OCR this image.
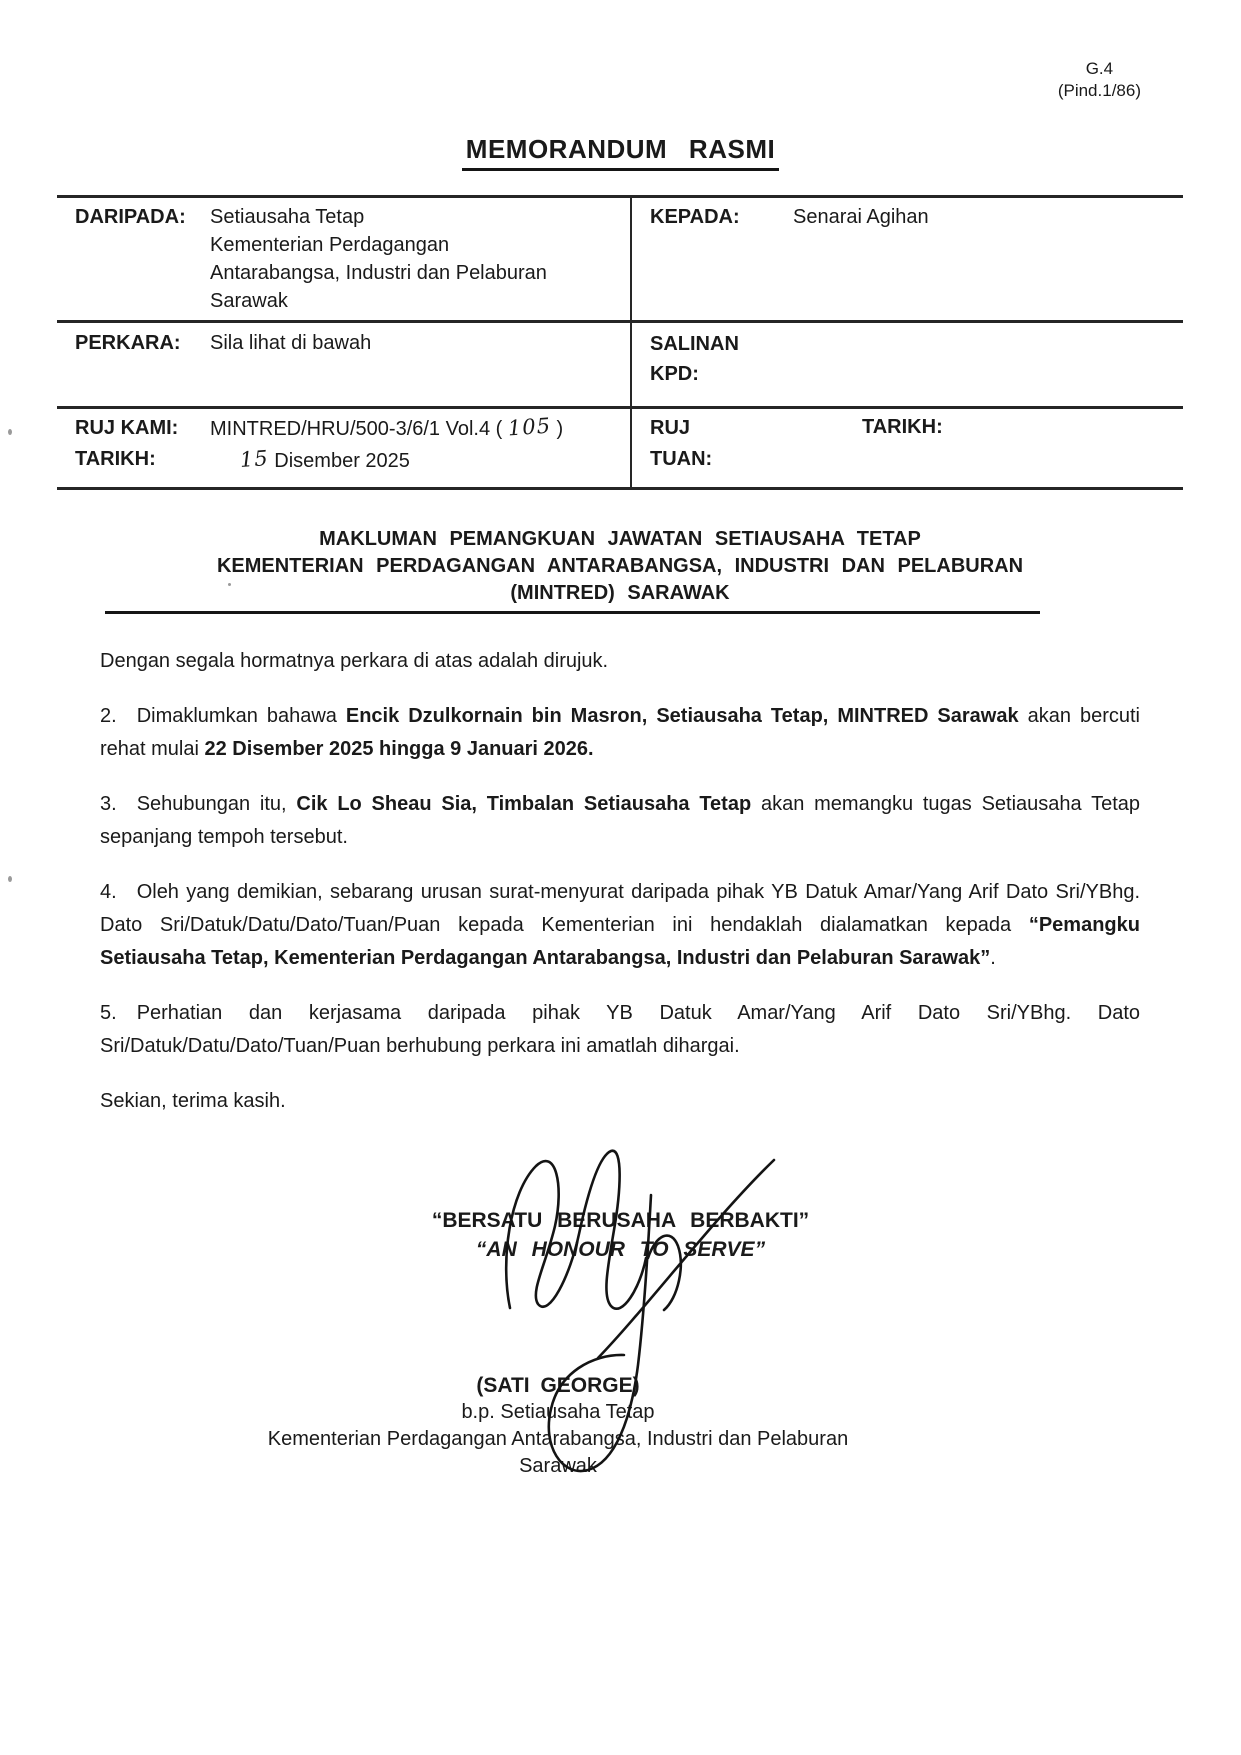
G.4
(Pind.1/86)
MEMORANDUM RASMI
DARIPADA: Setiausaha Tetap
Kementerian Perdagangan
Antarabangsa, Industri dan Pelaburan
Sarawak
KEPADA:	Senarai Agihan
PERKARA: Sila lihat di bawah	SALINAN
KPD:
RUJ KAMI:
TARIKH:
MINTRED/HRU/500-3/6/1 Vol.4 ( 105 )
15 Disember 2025
RUJ
TUAN:
TARIKH:
MAKLUMAN PEMANGKUAN JAWATAN SETIAUSAHA TETAP
KEMENTERIAN PERDAGANGAN ANTARABANGSA, INDUSTRI DAN PELABURAN
(MINTRED) SARAWAK

Dengan segala hormatnya perkara di atas adalah dirujuk.

2. Dimaklumkan bahawa Encik Dzulkornain bin Masron, Setiausaha Tetap, MINTRED Sarawak akan bercuti rehat mulai 22 Disember 2025 hingga 9 Januari 2026.

3. Sehubungan itu, Cik Lo Sheau Sia, Timbalan Setiausaha Tetap akan memangku tugas Setiausaha Tetap sepanjang tempoh tersebut.

4. Oleh yang demikian, sebarang urusan surat-menyurat daripada pihak YB Datuk Amar/Yang Arif Dato Sri/YBhg. Dato Sri/Datuk/Datu/Dato/Tuan/Puan kepada Kementerian ini hendaklah dialamatkan kepada “Pemangku Setiausaha Tetap, Kementerian Perdagangan Antarabangsa, Industri dan Pelaburan Sarawak”.

5. Perhatian dan kerjasama daripada pihak YB Datuk Amar/Yang Arif Dato Sri/YBhg. Dato Sri/Datuk/Datu/Dato/Tuan/Puan berhubung perkara ini amatlah dihargai.

Sekian, terima kasih.

“BERSATU BERUSAHA BERBAKTI”
“AN HONOUR TO SERVE”
(SATI GEORGE)
b.p. Setiausaha Tetap
Kementerian Perdagangan Antarabangsa, Industri dan Pelaburan
Sarawak
